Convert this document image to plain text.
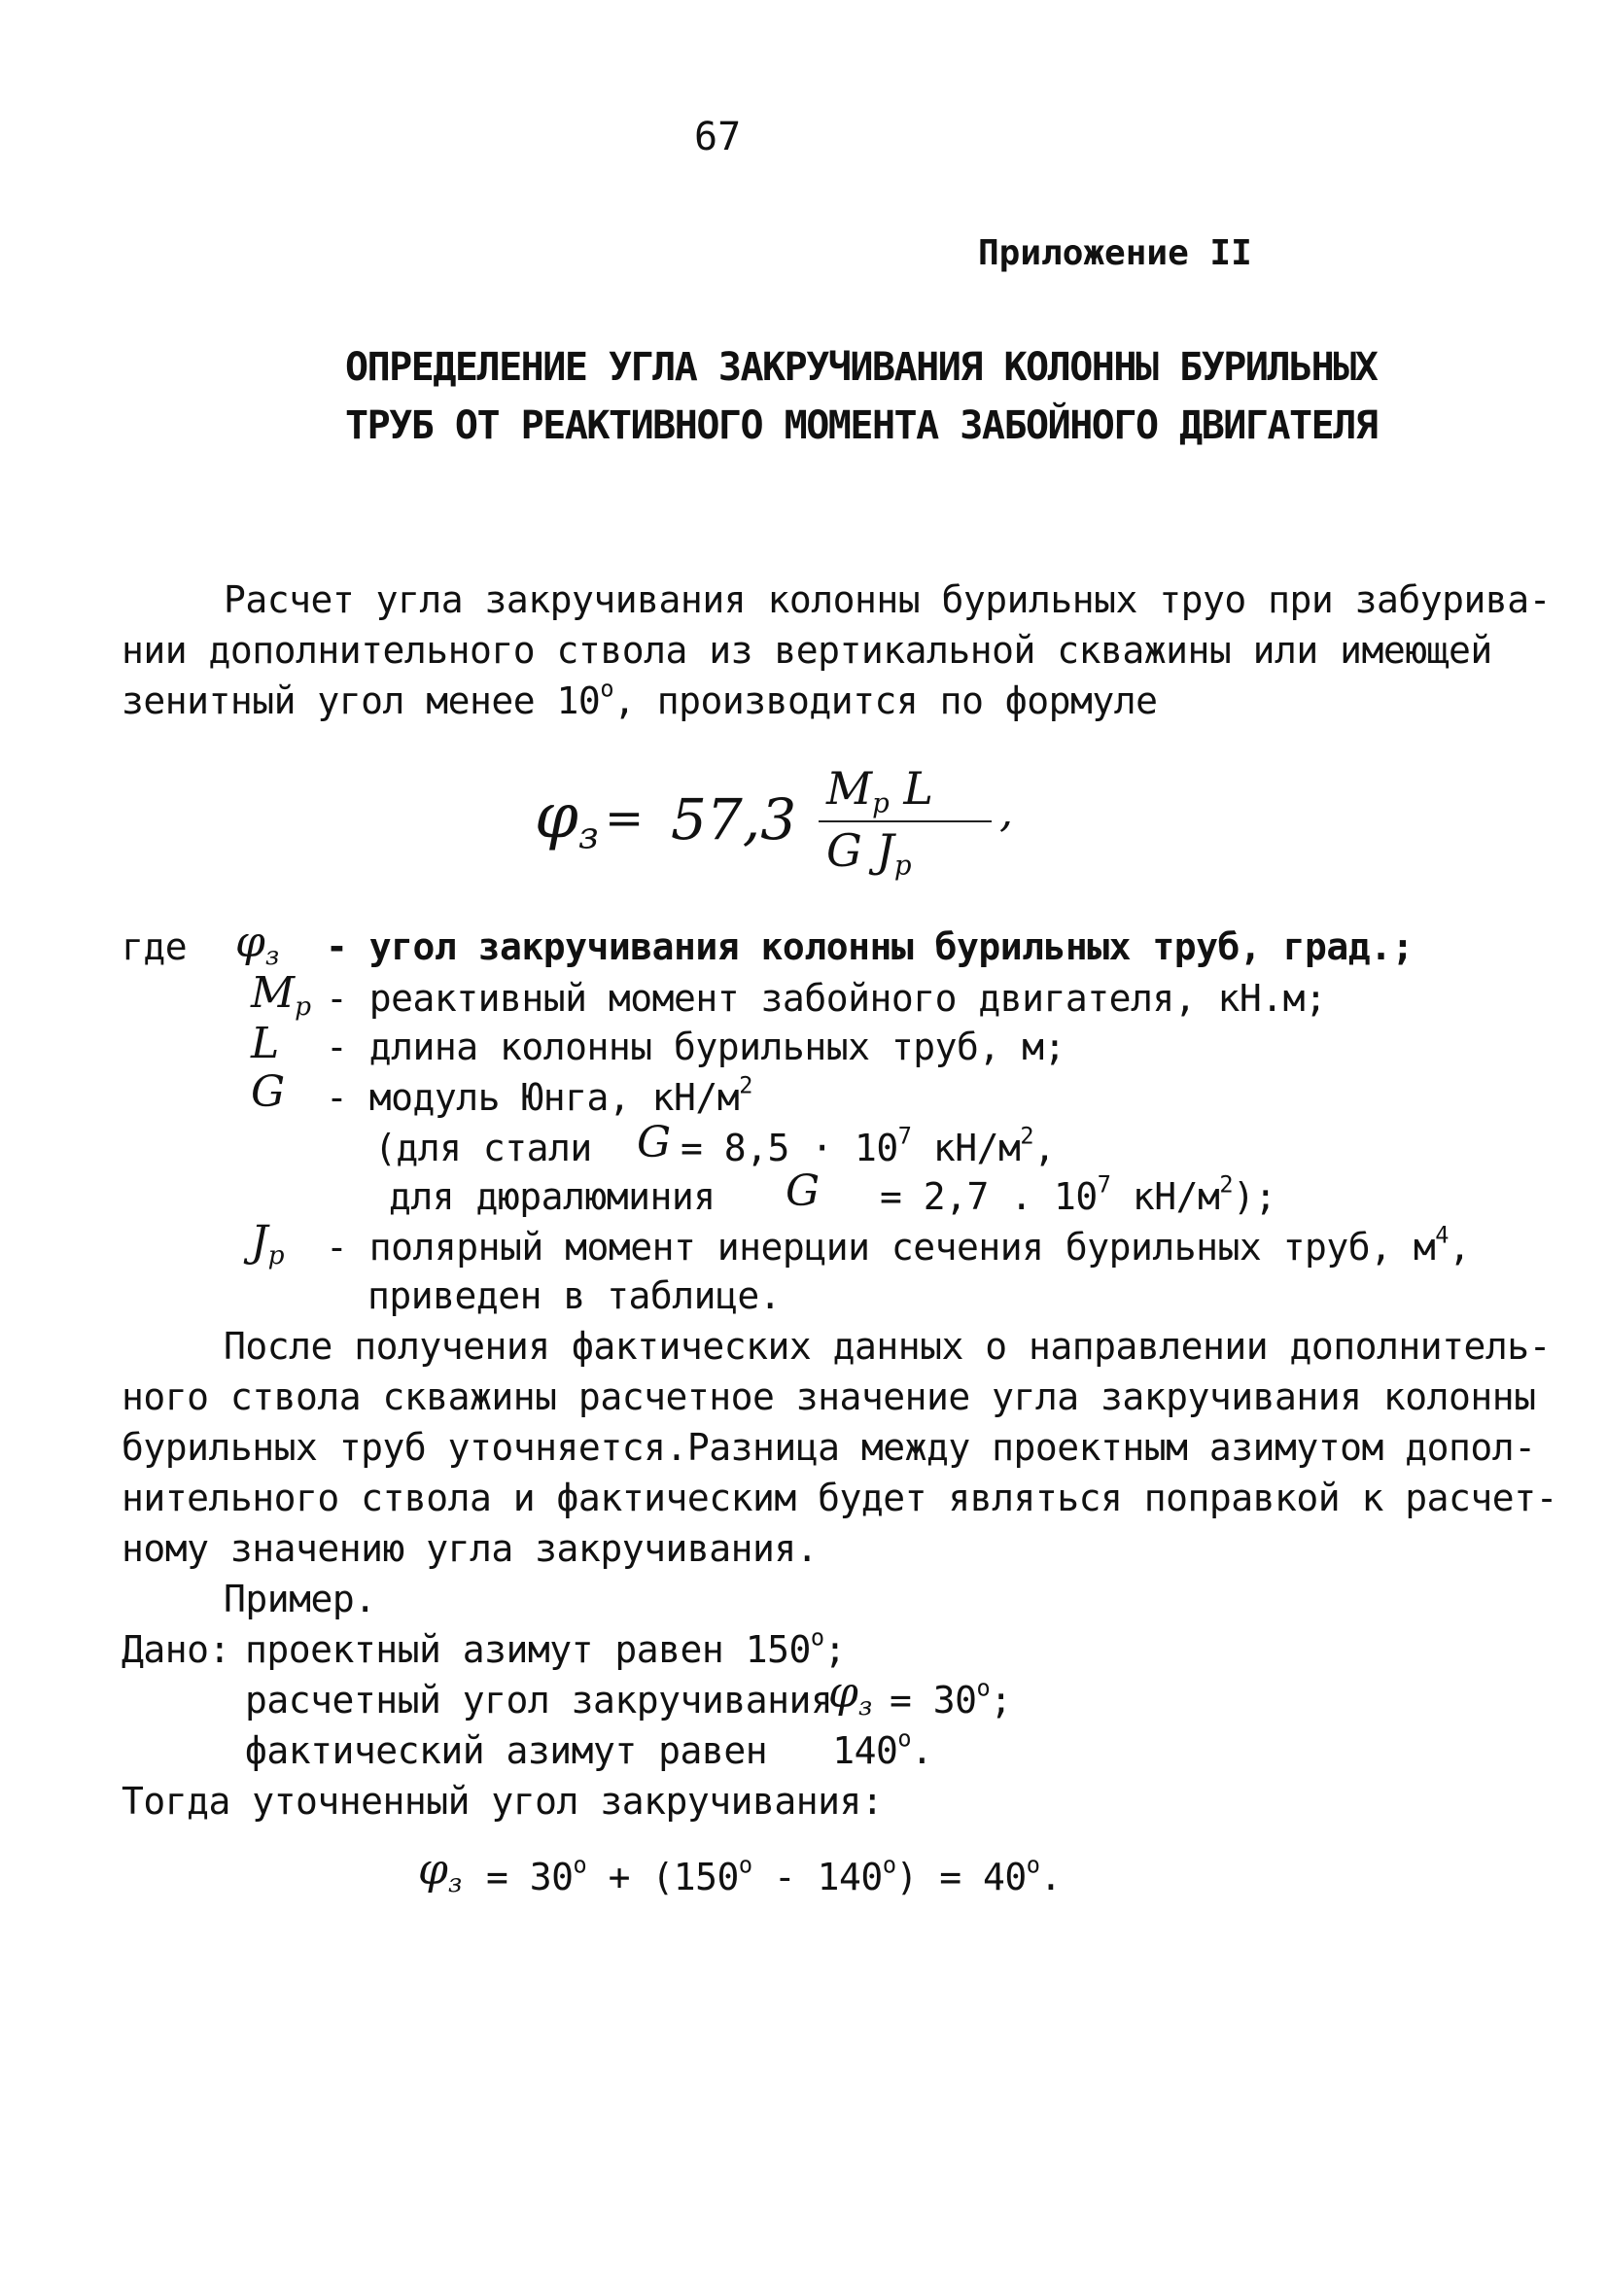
67
Приложение II
ОПРЕДЕЛЕНИЕ УГЛА ЗАКРУЧИВАНИЯ КОЛОННЫ БУРИЛЬНЫХ
ТРУБ ОТ РЕАКТИВНОГО МОМЕНТА ЗАБОЙНОГО ДВИГАТЕЛЯ
Расчет угла закручивания колонны бурильных труо при забурива-
нии дополнительного ствола из вертикальной скважины или имеющей
зенитный угол менее $10^о$, производится по формуле

$\varphi_з$

=

57,3

$M_р$ L

G $J_р$

,

где $\varphi_з$ - угол закручивания колонны бурильных труб, град.;
$M_р$ - реактивный момент забойного двигателя, кН.м;
L - длина колонны бурильных труб, м;
G - модуль Юнга, $кН/м^2$
(для стали $G = 8,5 \cdot 10^7$ $кН/м^2$,
для дюралюминия G = 2,7 . $10^7$ $кН/м^2$);
$J_р$ - полярный момент инерции сечения бурильных труб, $м^4$,
приведен в таблице.
После получения фактических данных о направлении дополнитель-
ного ствола скважины расчетное значение угла закручивания колонны
бурильных труб уточняется.Разница между проектным азимутом допол-
нительного ствола и фактическим будет являться поправкой к расчет-
ному значению угла закручивания.
Пример.
Дано: проектный азимут равен $150^о$;
расчетный угол закручивания
$\varphi_з = 30^о$;
фактический азимут равен   $140^о$.
Тогда уточненный угол закручивания:
$\varphi_з = 30^о + (150^о - 140^о) = 40^о$.
